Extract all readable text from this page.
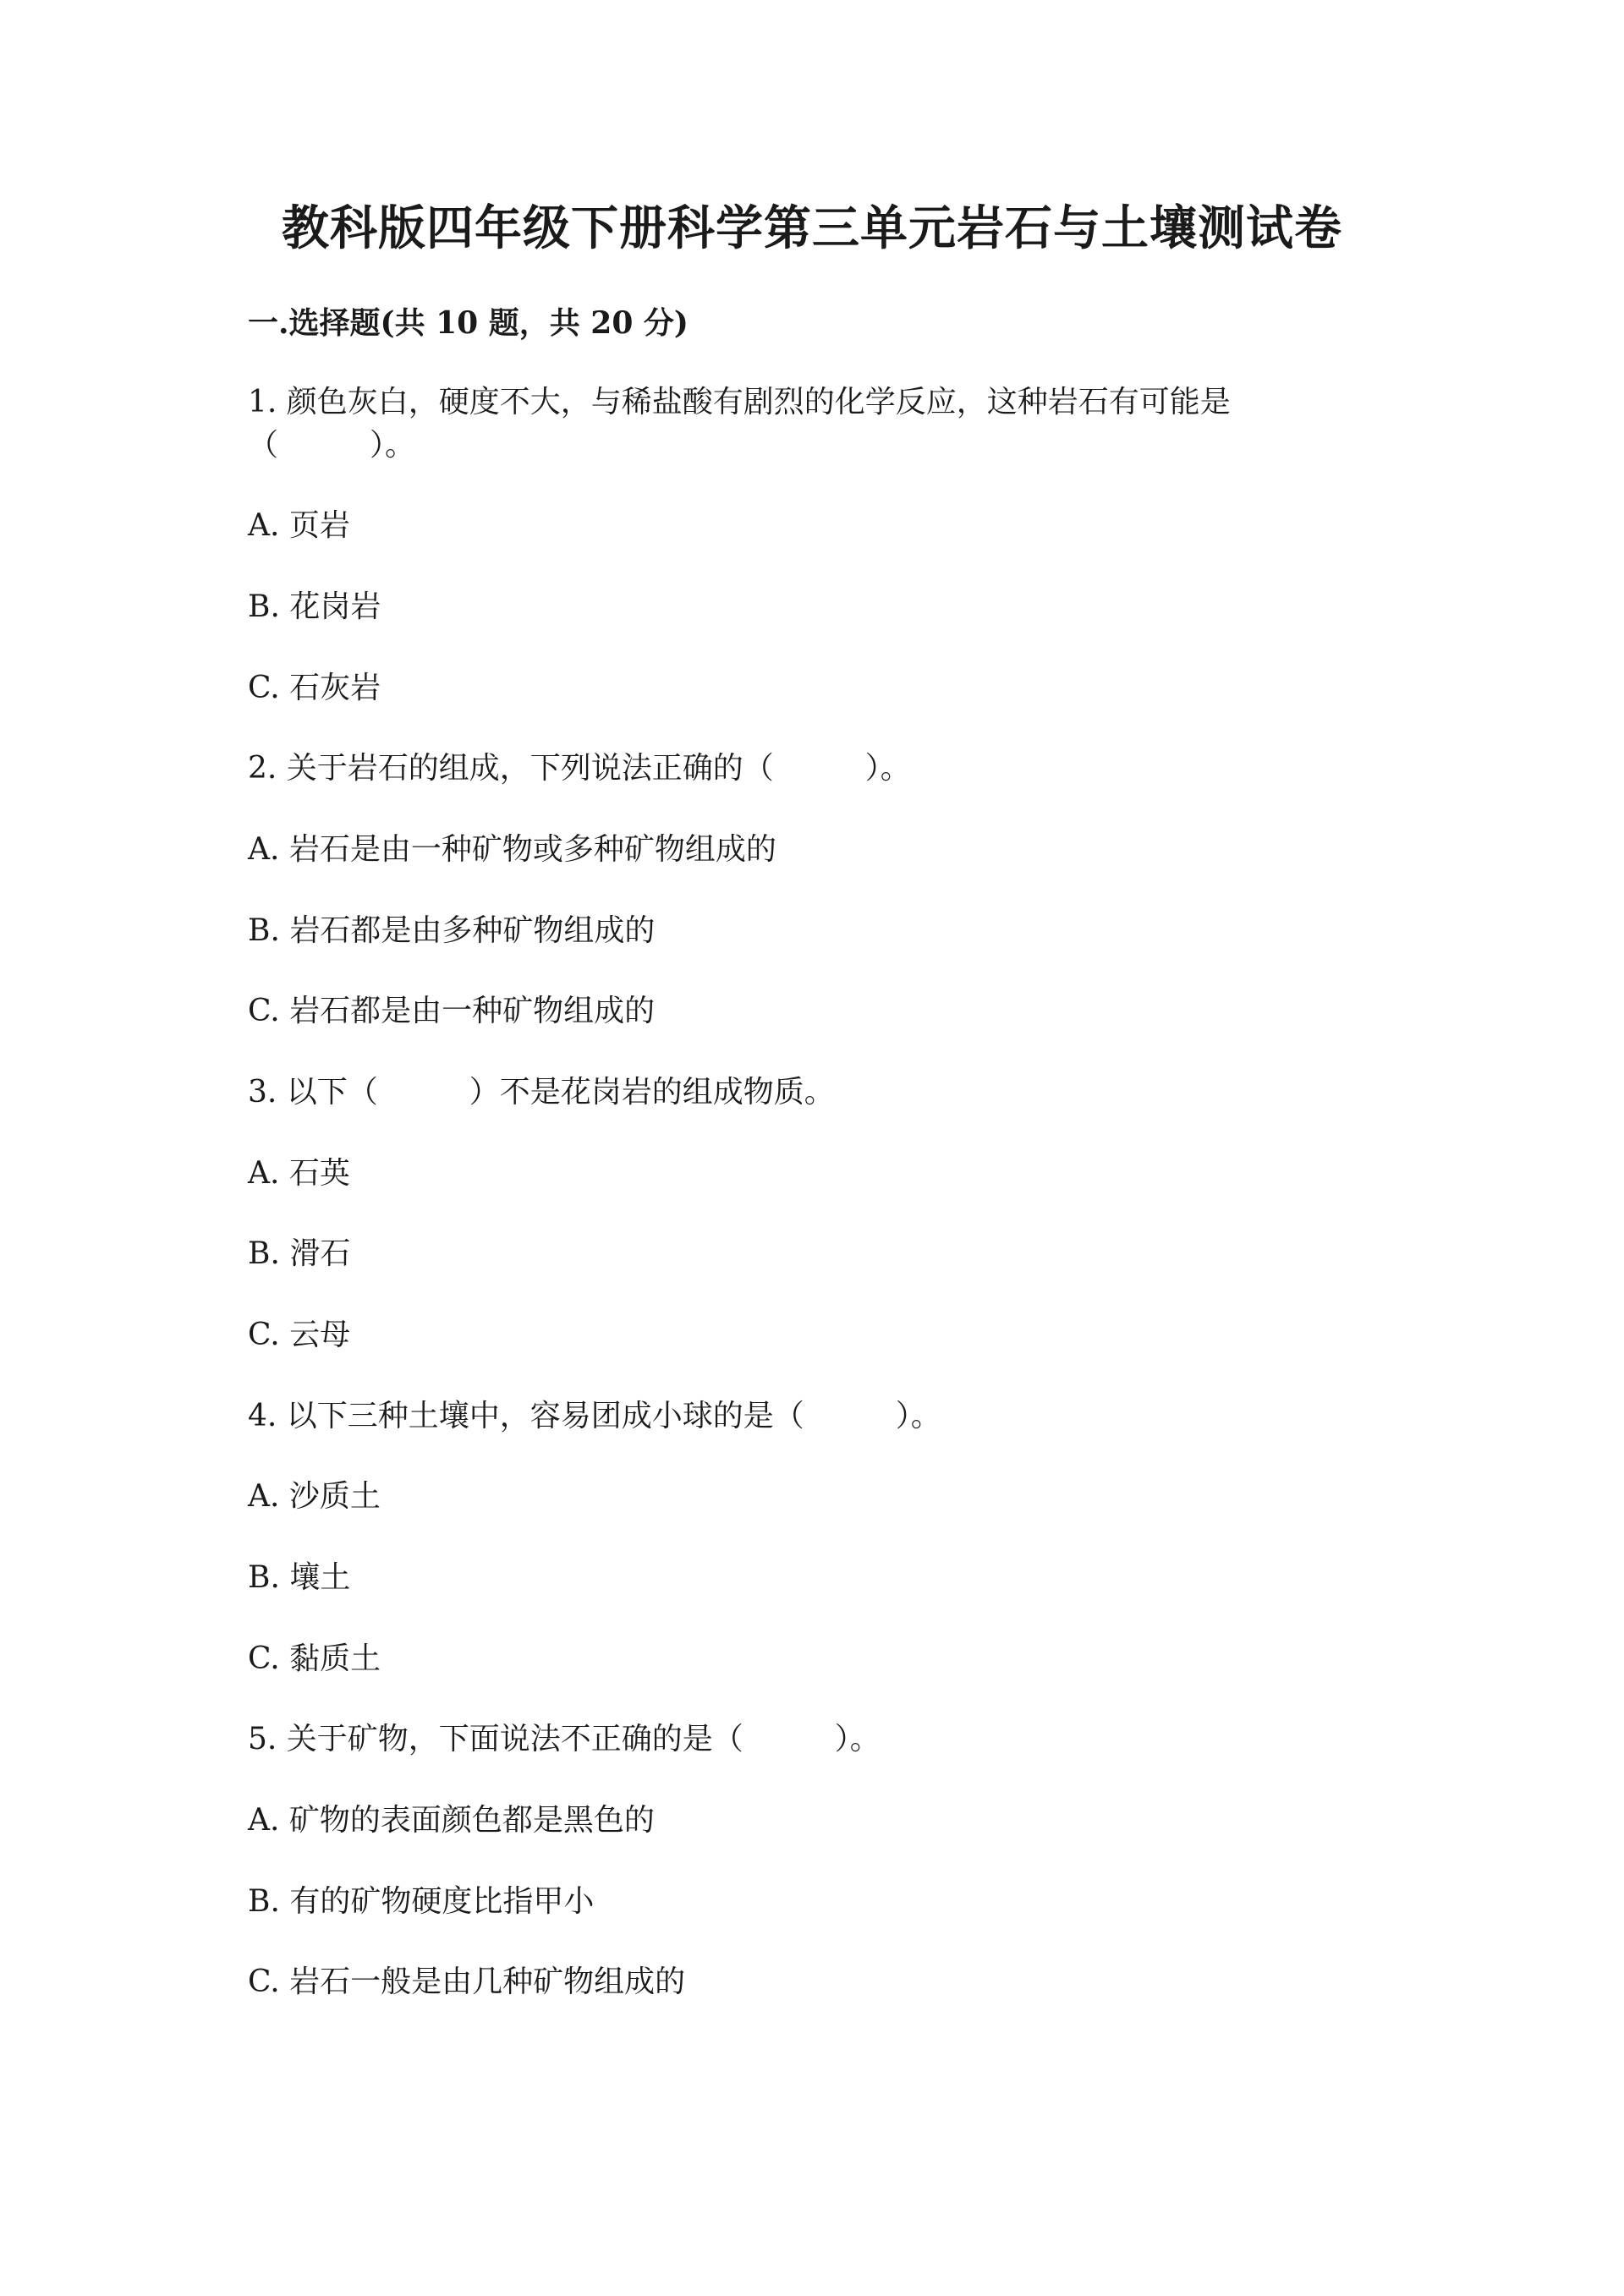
教科版四年级下册科学第三单元岩石与土壤测试卷
一.选择题(共 10 题，共 20 分)
1. 颜色灰白，硬度不大，与稀盐酸有剧烈的化学反应，这种岩石有可能是
（　　　）。
A. 页岩
B. 花岗岩
C. 石灰岩
2. 关于岩石的组成，下列说法正确的（　　　）。
A. 岩石是由一种矿物或多种矿物组成的
B. 岩石都是由多种矿物组成的
C. 岩石都是由一种矿物组成的
3. 以下（　　　）不是花岗岩的组成物质。
A. 石英
B. 滑石
C. 云母
4. 以下三种土壤中，容易团成小球的是（　　　）。
A. 沙质土
B. 壤土
C. 黏质土
5. 关于矿物，下面说法不正确的是（　　　）。
A. 矿物的表面颜色都是黑色的
B. 有的矿物硬度比指甲小
C. 岩石一般是由几种矿物组成的
